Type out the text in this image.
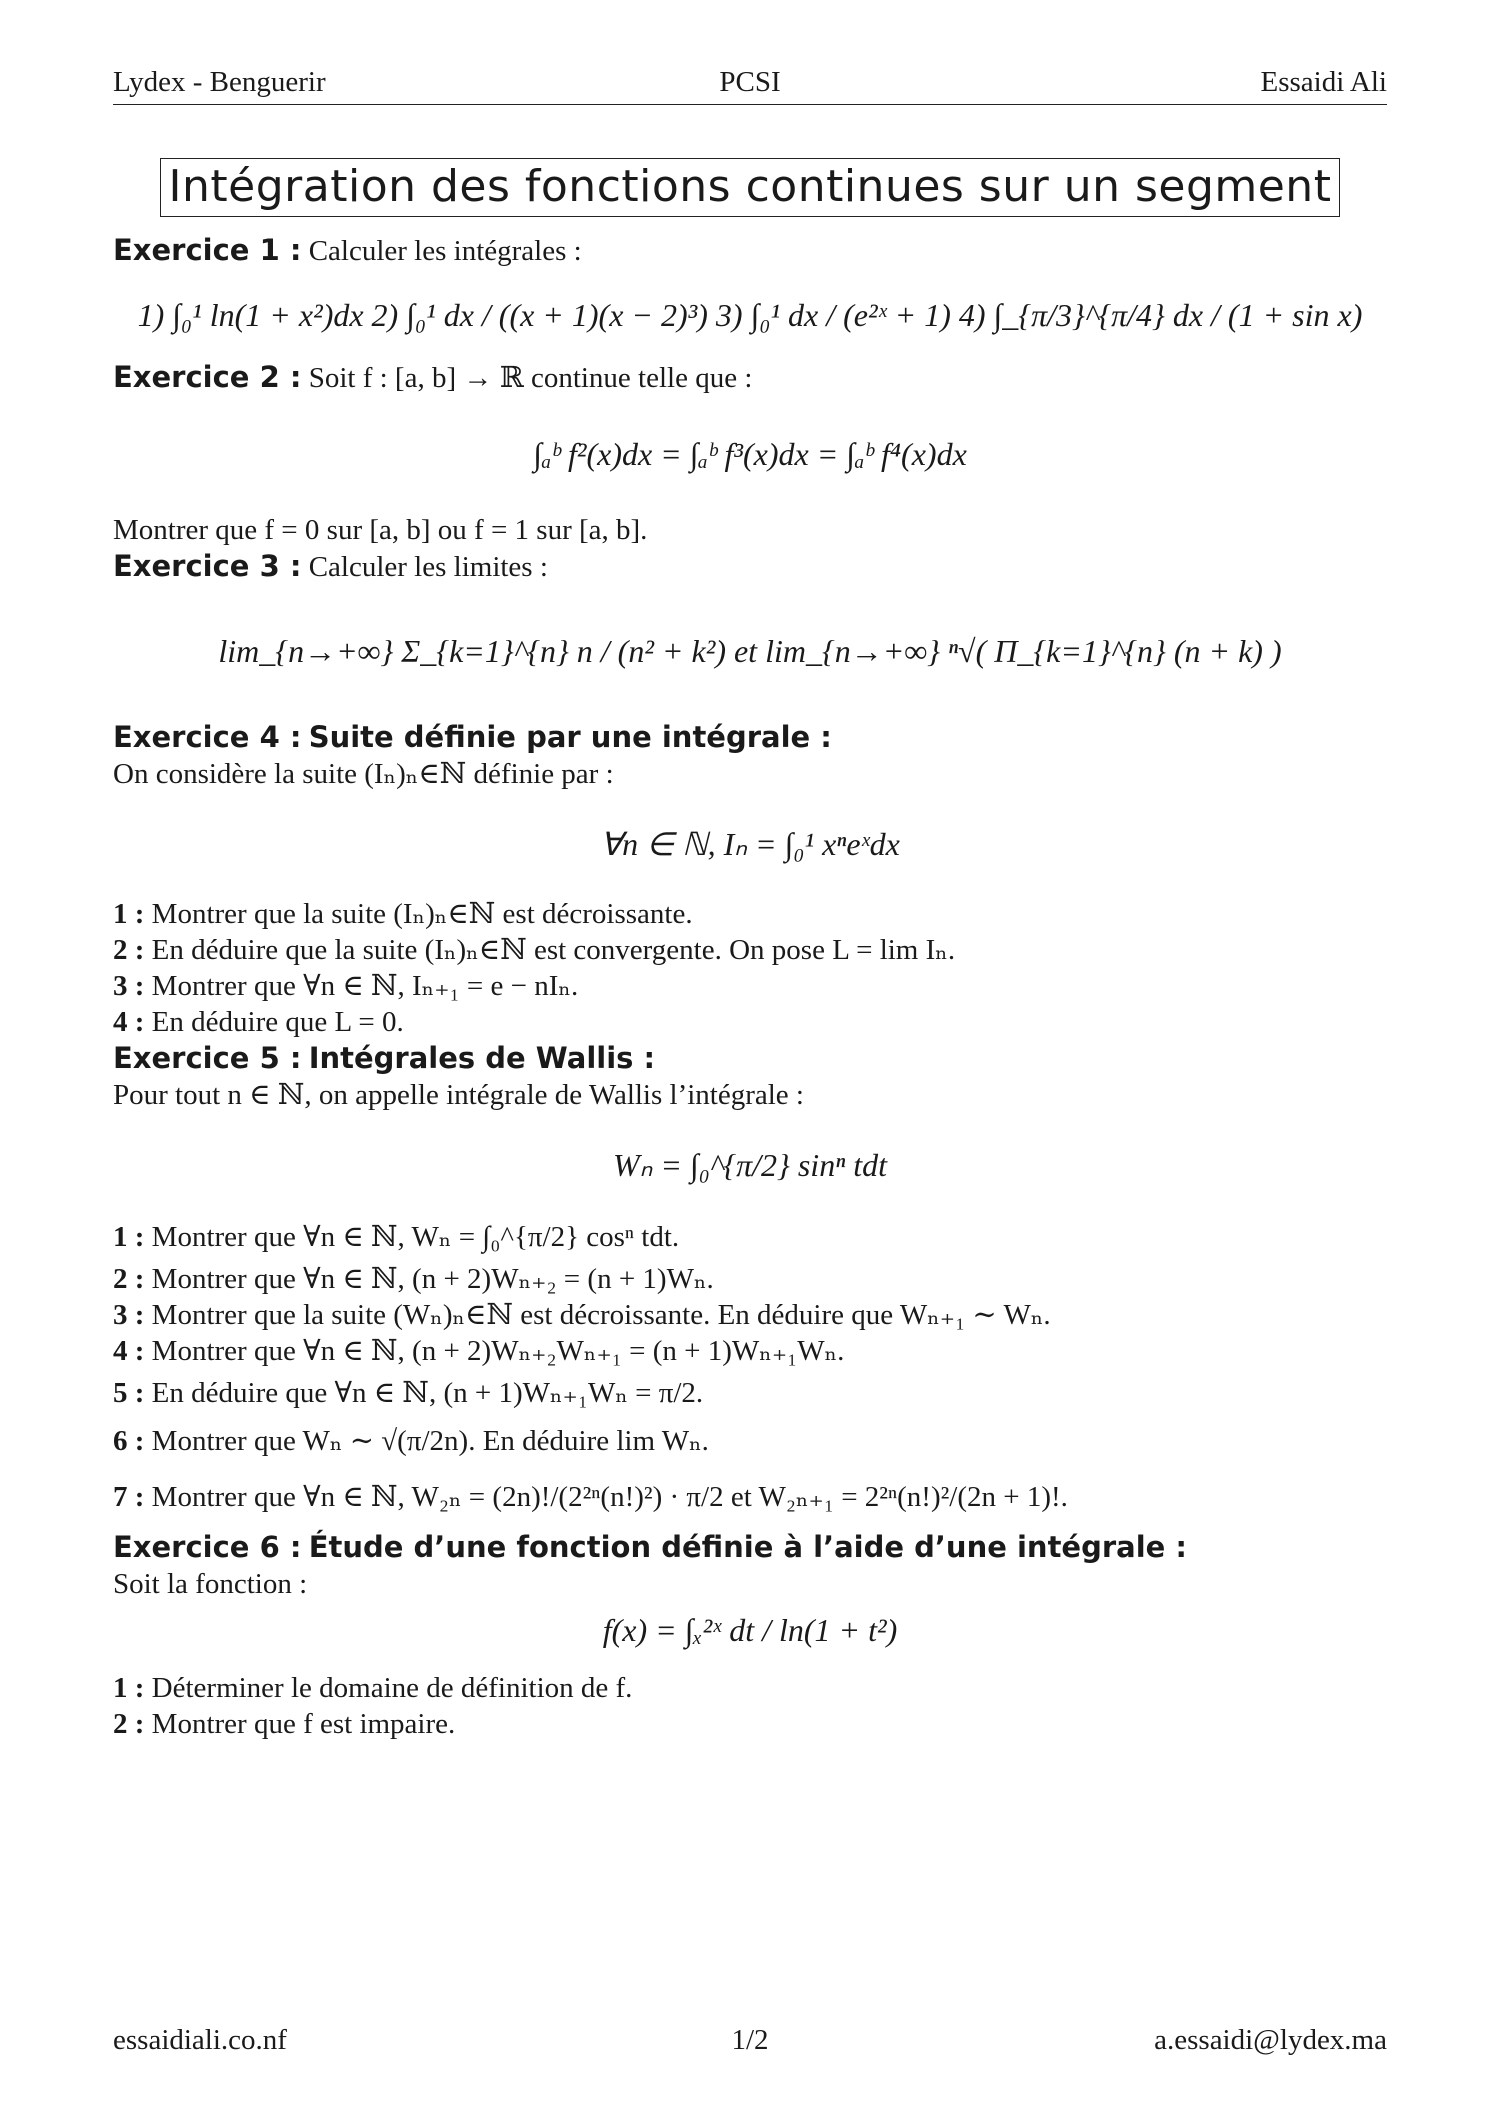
Lydex - Benguerir	PCSI	Essaidi Ali
Intégration des fonctions continues sur un segment

Exercice 1 : Calculer les intégrales :

1) ∫₀¹ ln(1 + x²)dx 2) ∫₀¹ dx / ((x + 1)(x − 2)³) 3) ∫₀¹ dx / (e²ˣ + 1) 4) ∫_{π/3}^{π/4} dx / (1 + sin x)

Exercice 2 : Soit f : [a, b] → ℝ continue telle que :

∫ₐᵇ f²(x)dx = ∫ₐᵇ f³(x)dx = ∫ₐᵇ f⁴(x)dx

Montrer que f = 0 sur [a, b] ou f = 1 sur [a, b].

Exercice 3 : Calculer les limites :

lim_{n→+∞} Σ_{k=1}^{n} n / (n² + k²) et lim_{n→+∞} ⁿ√( Π_{k=1}^{n} (n + k) )

Exercice 4 : Suite définie par une intégrale :

On considère la suite (Iₙ)ₙ∈ℕ définie par :

∀n ∈ ℕ, Iₙ = ∫₀¹ xⁿeˣdx

1 : Montrer que la suite (Iₙ)ₙ∈ℕ est décroissante.

2 : En déduire que la suite (Iₙ)ₙ∈ℕ est convergente. On pose L = lim Iₙ.

3 : Montrer que ∀n ∈ ℕ, Iₙ₊₁ = e − nIₙ.

4 : En déduire que L = 0.

Exercice 5 : Intégrales de Wallis :

Pour tout n ∈ ℕ, on appelle intégrale de Wallis l’intégrale :

Wₙ = ∫₀^{π/2} sinⁿ tdt

1 : Montrer que ∀n ∈ ℕ, Wₙ = ∫₀^{π/2} cosⁿ tdt.

2 : Montrer que ∀n ∈ ℕ, (n + 2)Wₙ₊₂ = (n + 1)Wₙ.

3 : Montrer que la suite (Wₙ)ₙ∈ℕ est décroissante. En déduire que Wₙ₊₁ ∼ Wₙ.

4 : Montrer que ∀n ∈ ℕ, (n + 2)Wₙ₊₂Wₙ₊₁ = (n + 1)Wₙ₊₁Wₙ.

5 : En déduire que ∀n ∈ ℕ, (n + 1)Wₙ₊₁Wₙ = π/2.

6 : Montrer que Wₙ ∼ √(π/2n). En déduire lim Wₙ.

7 : Montrer que ∀n ∈ ℕ, W₂ₙ = (2n)!/(2²ⁿ(n!)²) · π/2 et W₂ₙ₊₁ = 2²ⁿ(n!)²/(2n + 1)!.

Exercice 6 : Étude d’une fonction définie à l’aide d’une intégrale :

Soit la fonction :

f(x) = ∫ₓ²ˣ dt / ln(1 + t²)

1 : Déterminer le domaine de définition de f.

2 : Montrer que f est impaire.

essaidiali.co.nf	1/2	a.essaidi@lydex.ma
